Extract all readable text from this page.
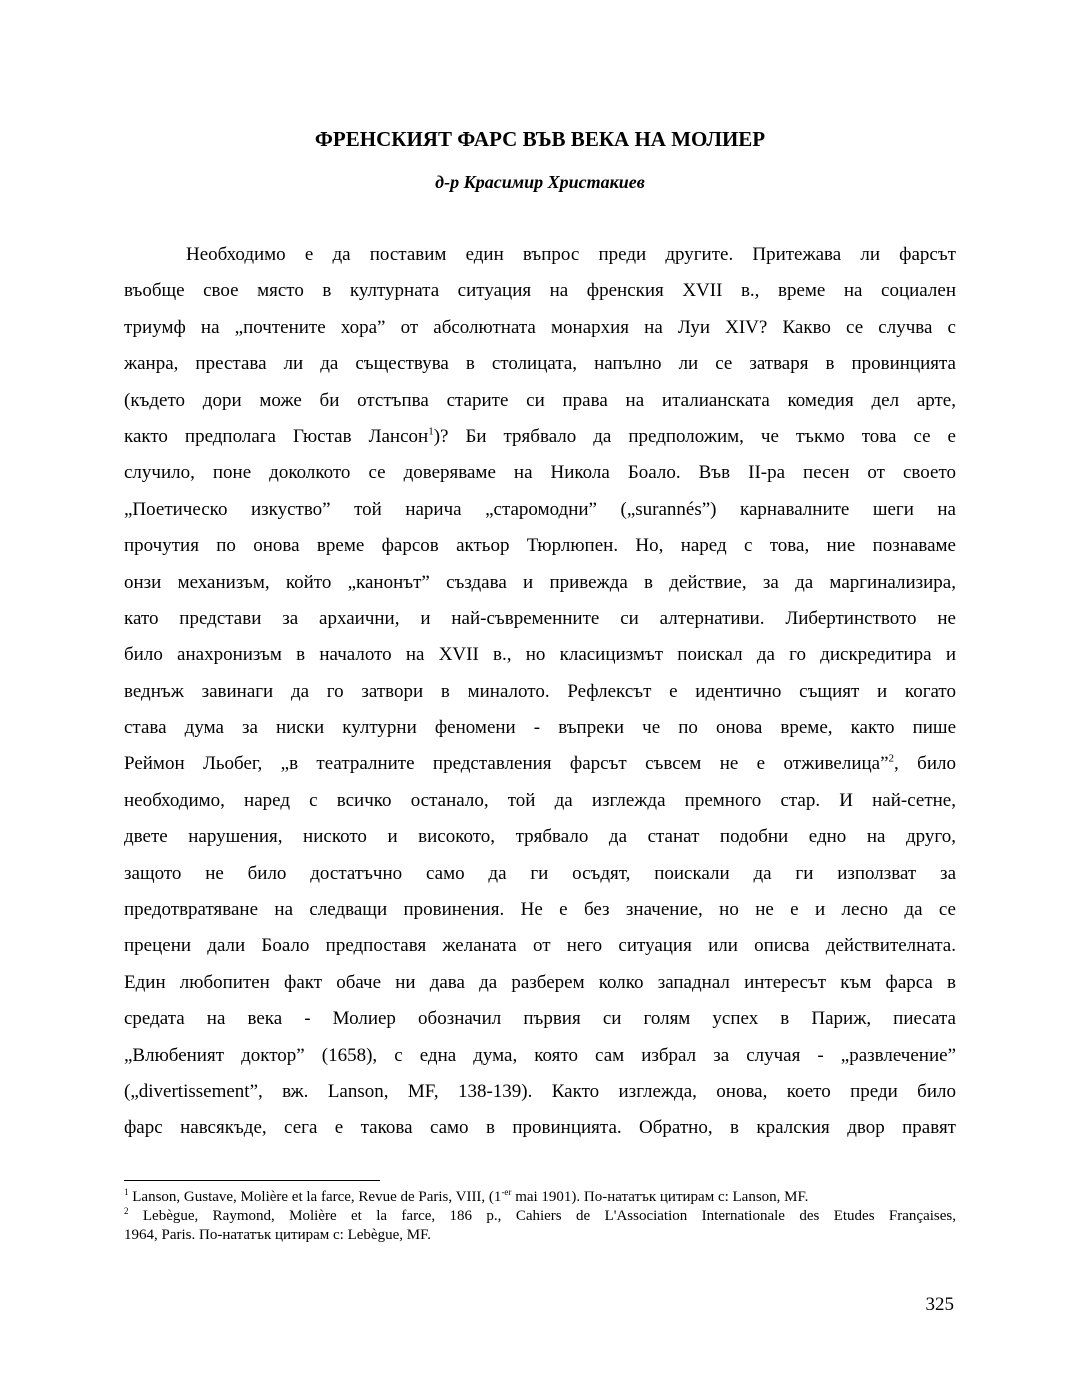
ФРЕНСКИЯТ ФАРС ВЪВ ВЕКА НА МОЛИЕР
д-р Красимир Христакиев
Необходимо е да поставим един въпрос преди другите. Притежава ли фарсът
въобще свое място в културната ситуация на френския XVII в., време на социален
триумф на „почтените хора” от абсолютната монархия на Луи XIV? Какво се случва с
жанра, престава ли да съществува в столицата, напълно ли се затваря в провинцията
(където дори може би отстъпва старите си права на италианската комедия дел арте,
както предполага Гюстав Лансон$^1$)? Би трябвало да предположим, че тъкмо това се е
случило, поне доколкото се доверяваме на Никола Боало. Във II-ра песен от своето
„Поетическо изкуство” той нарича „старомодни” („surannés”) карнавалните шеги на
прочутия по онова време фарсов актьор Тюрлюпен. Но, наред с това, ние познаваме
онзи механизъм, който „канонът” създава и привежда в действие, за да маргинализира,
като представи за архаични, и най-съвременните си алтернативи. Либертинството не
било анахронизъм в началото на XVII в., но класицизмът поискал да го дискредитира и
веднъж завинаги да го затвори в миналото. Рефлексът е идентично същият и когато
става дума за ниски културни феномени - въпреки че по онова време, както пише
Реймон Льобег, „в театралните представления фарсът съвсем не е отживелица”$^2$, било
необходимо, наред с всичко останало, той да изглежда премного стар. И най-сетне,
двете нарушения, ниското и високото, трябвало да станат подобни едно на друго,
защото не било достатъчно само да ги осъдят, поискали да ги използват за
предотвратяване на следващи провинения. Не е без значение, но не е и лесно да се
прецени дали Боало предпоставя желаната от него ситуация или описва действителната.
Един любопитен факт обаче ни дава да разберем колко западнал интересът към фарса в
средата на века - Молиер обозначил първия си голям успех в Париж, пиесата
„Влюбеният доктор” (1658), с една дума, която сам избрал за случая - „развлечение”
(„divertissement”, вж. Lanson, MF, 138-139). Както изглежда, онова, което преди било
фарс навсякъде, сега е такова само в провинцията. Обратно, в кралския двор правят
$^1$ Lanson, Gustave, Molière et la farce, Revue de Paris, VIII, ($1^{-er}$ mai 1901). По-нататък цитирам с: Lanson, MF.
$^2$ Lebègue, Raymond, Molière et la farce, 186 p., Cahiers de L'Association Internationale des Etudes Françaises,
1964, Paris. По-нататък цитирам с: Lebègue, MF.
325
